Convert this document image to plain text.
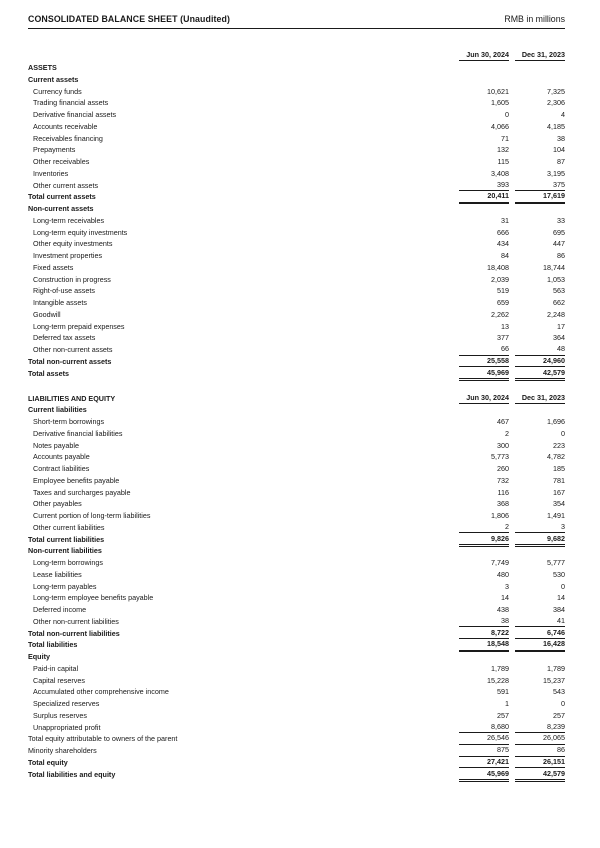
CONSOLIDATED BALANCE SHEET (Unaudited)	RMB in millions
Jun 30, 2024	Dec 31, 2023
ASSETS
Current assets
Currency funds	10,621	7,325
Trading financial assets	1,605	2,306
Derivative financial assets	0	4
Accounts receivable	4,066	4,185
Receivables financing	71	38
Prepayments	132	104
Other receivables	115	87
Inventories	3,408	3,195
Other current assets	393	375
Total current assets	20,411	17,619
Non-current assets
Long-term receivables	31	33
Long-term equity investments	666	695
Other equity investments	434	447
Investment properties	84	86
Fixed assets	18,408	18,744
Construction in progress	2,039	1,053
Right-of-use assets	519	563
Intangible assets	659	662
Goodwill	2,262	2,248
Long-term prepaid expenses	13	17
Deferred tax assets	377	364
Other non-current assets	66	48
Total non-current assets	25,558	24,960
Total assets	45,969	42,579
LIABILITIES AND EQUITY	Jun 30, 2024	Dec 31, 2023
Current liabilities
Short-term borrowings	467	1,696
Derivative financial liabilities	2	0
Notes payable	300	223
Accounts payable	5,773	4,782
Contract liabilities	260	185
Employee benefits payable	732	781
Taxes and surcharges payable	116	167
Other payables	368	354
Current portion of long-term liabilities	1,806	1,491
Other current liabilities	2	3
Total current liabilities	9,826	9,682
Non-current liabilities
Long-term borrowings	7,749	5,777
Lease liabilities	480	530
Long-term payables	3	0
Long-term employee benefits payable	14	14
Deferred income	438	384
Other non-current liabilities	38	41
Total non-current liabilities	8,722	6,746
Total liabilities	18,548	16,428
Equity
Paid-in capital	1,789	1,789
Capital reserves	15,228	15,237
Accumulated other comprehensive income	591	543
Specialized reserves	1	0
Surplus reserves	257	257
Unappropriated profit	8,680	8,239
Total equity attributable to owners of the parent	26,546	26,065
Minority shareholders	875	86
Total equity	27,421	26,151
Total liabilities and equity	45,969	42,579
